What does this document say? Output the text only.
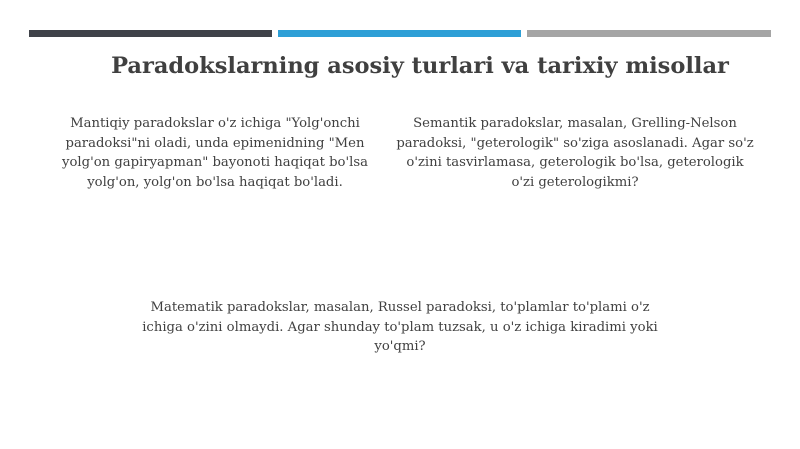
Paradokslarning asosiy turlari va tarixiy misollar
Mantiqiy paradokslar o'z ichiga "Yolg'onchi paradoksi"ni oladi, unda epimenidning "Men yolg'on gapiryapman" bayonoti haqiqat bo'lsa yolg'on, yolg'on bo'lsa haqiqat bo'ladi.
Semantik paradokslar, masalan, Grelling-Nelson paradoksi, "geterologik" so'ziga asoslanadi. Agar so'z o'zini tasvirlamasa, geterologik bo'lsa, geterologik o'zi geterologikmi?
Matematik paradokslar, masalan, Russel paradoksi, to'plamlar to'plami o'z ichiga o'zini olmaydi. Agar shunday to'plam tuzsak, u o'z ichiga kiradimi yoki yo'qmi?
